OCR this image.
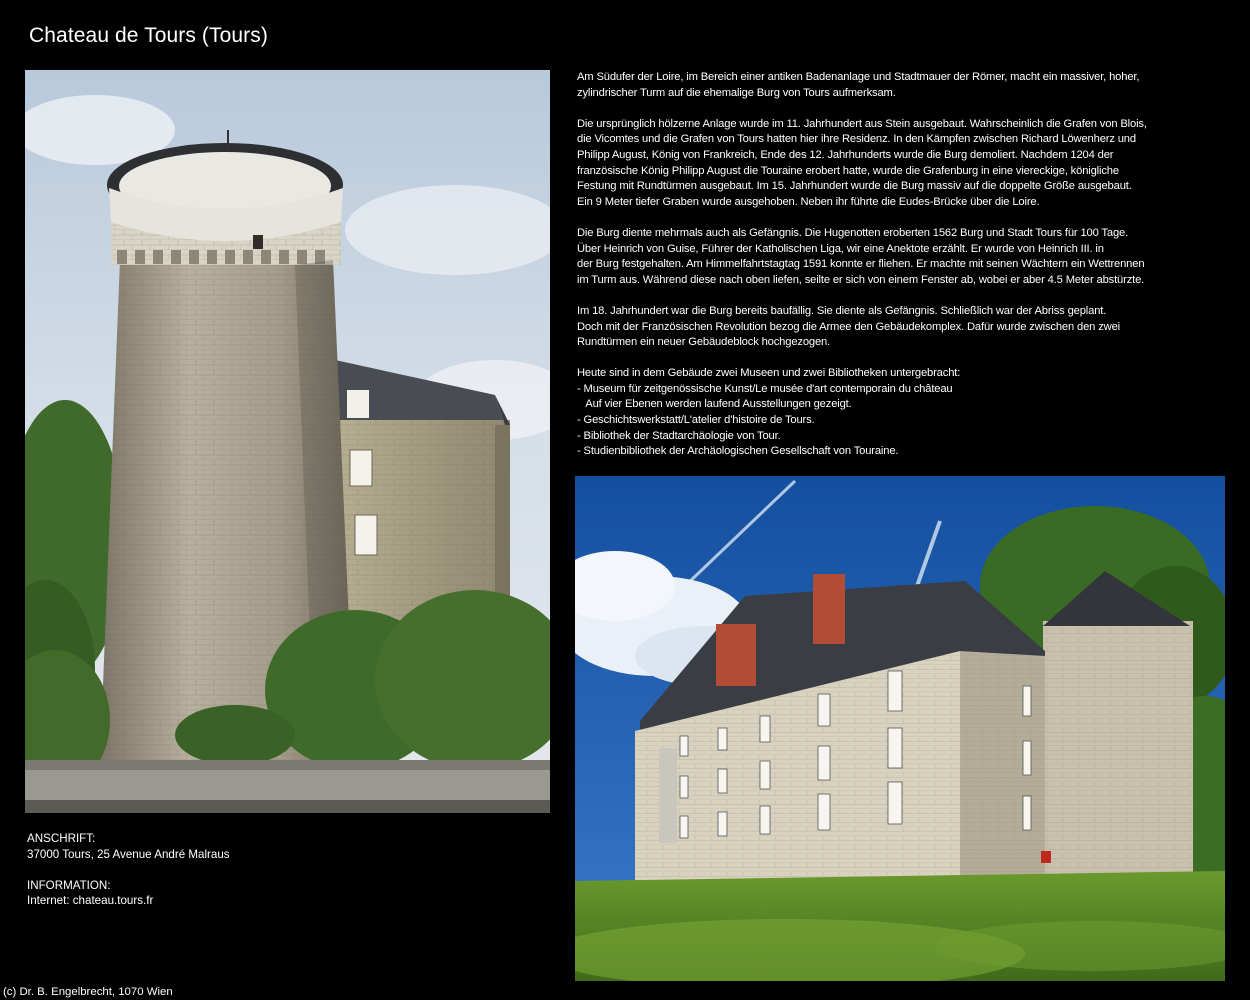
Chateau de Tours (Tours)

Am Südufer der Loire, im Bereich einer antiken Badenanlage und Stadtmauer der Römer, macht ein massiver, hoher,
zylindrischer Turm auf die ehemalige Burg von Tours aufmerksam.

Die ursprünglich hölzerne Anlage wurde im 11. Jahrhundert aus Stein ausgebaut. Wahrscheinlich die Grafen von Blois,
die Vicomtes und die Grafen von Tours hatten hier ihre Residenz. In den Kämpfen zwischen Richard Löwenherz und
Philipp August, König von Frankreich, Ende des 12. Jahrhunderts wurde die Burg demoliert. Nachdem 1204 der
französische König Philipp August die Touraine erobert hatte, wurde die Grafenburg in eine viereckige, königliche
Festung mit Rundtürmen ausgebaut. Im 15. Jahrhundert wurde die Burg massiv auf die doppelte Größe ausgebaut.
Ein 9 Meter tiefer Graben wurde ausgehoben. Neben ihr führte die Eudes-Brücke über die Loire.

Die Burg diente mehrmals auch als Gefängnis. Die Hugenotten eroberten 1562 Burg und Stadt Tours für 100 Tage.
Über Heinrich von Guise, Führer der Katholischen Liga, wir eine Anektote erzählt. Er wurde von Heinrich III. in
der Burg festgehalten. Am Himmelfahrtstagtag 1591 konnte er fliehen. Er machte mit seinen Wächtern ein Wettrennen
im Turm aus. Während diese nach oben liefen, seilte er sich von einem Fenster ab, wobei er aber 4.5 Meter abstürzte.

Im 18. Jahrhundert war die Burg bereits baufällig. Sie diente als Gefängnis. Schließlich war der Abriss geplant.
Doch mit der Französischen Revolution bezog die Armee den Gebäudekomplex. Dafür wurde zwischen den zwei
Rundtürmen ein neuer Gebäudeblock hochgezogen.

Heute sind in dem Gebäude zwei Museen und zwei Bibliotheken untergebracht:

- Museum für zeitgenössische Kunst/Le musée d'art contemporain du château
Auf vier Ebenen werden laufend Ausstellungen gezeigt.
- Geschichtswerkstatt/L'atelier d'histoire de Tours.
- Bibliothek der Stadtarchäologie von Tour.
- Studienbibliothek der Archäologischen Gesellschaft von Touraine.
ANSCHRIFT:
37000 Tours, 25 Avenue André Malraus
INFORMATION:
Internet: chateau.tours.fr
(c) Dr. B. Engelbrecht, 1070 Wien
